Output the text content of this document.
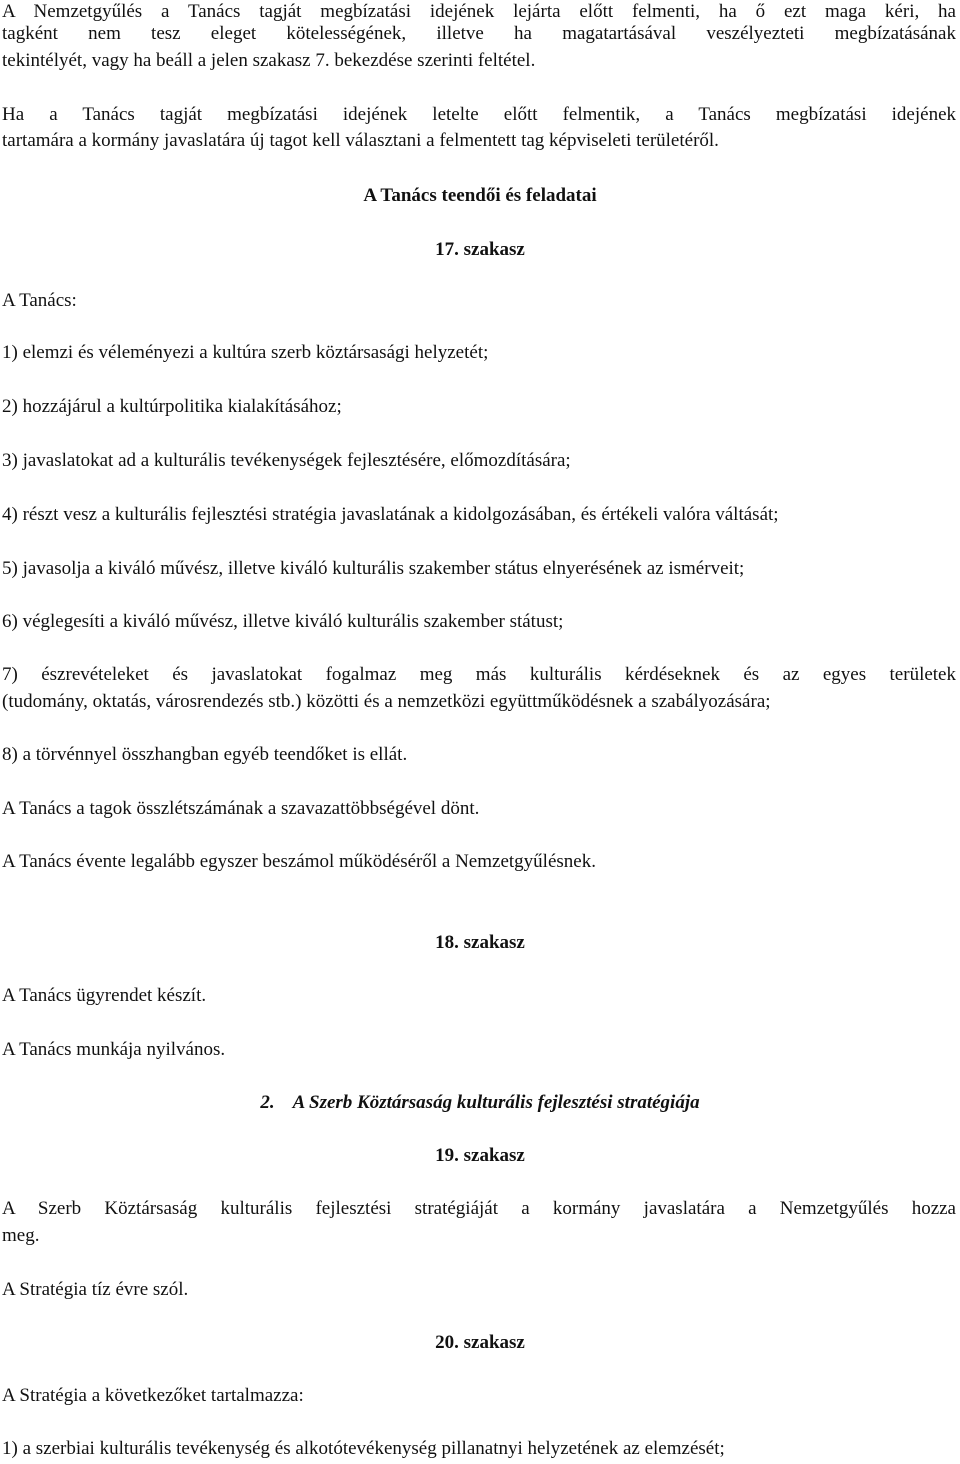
A Nemzetgyűlés a Tanács tagját megbízatási idejének lejárta előtt felmenti, ha ő ezt maga kéri, ha
tagként nem tesz eleget kötelességének, illetve ha magatartásával veszélyezteti megbízatásának
tekintélyét, vagy ha beáll a jelen szakasz 7. bekezdése szerinti feltétel.
Ha a Tanács tagját megbízatási idejének letelte előtt felmentik, a Tanács megbízatási idejének
tartamára a kormány javaslatára új tagot kell választani a felmentett tag képviseleti területéről.
A Tanács teendői és feladatai
17. szakasz
A Tanács:
1) elemzi és véleményezi a kultúra szerb köztársasági helyzetét;
2) hozzájárul a kultúrpolitika kialakításához;
3) javaslatokat ad a kulturális tevékenységek fejlesztésére, előmozdítására;
4) részt vesz a kulturális fejlesztési stratégia javaslatának a kidolgozásában, és értékeli valóra váltását;
5) javasolja a kiváló művész, illetve kiváló kulturális szakember státus elnyerésének az ismérveit;
6) véglegesíti a kiváló művész, illetve kiváló kulturális szakember státust;
7) észrevételeket és javaslatokat fogalmaz meg más kulturális kérdéseknek és az egyes területek
(tudomány, oktatás, városrendezés stb.) közötti és a nemzetközi együttműködésnek a szabályozására;
8) a törvénnyel összhangban egyéb teendőket is ellát.
A Tanács a tagok összlétszámának a szavazattöbbségével dönt.
A Tanács évente legalább egyszer beszámol működéséről a Nemzetgyűlésnek.
18. szakasz
A Tanács ügyrendet készít.
A Tanács munkája nyilvános.
2. A Szerb Köztársaság kulturális fejlesztési stratégiája
19. szakasz
A Szerb Köztársaság kulturális fejlesztési stratégiáját a kormány javaslatára a Nemzetgyűlés hozza
meg.
A Stratégia tíz évre szól.
20. szakasz
A Stratégia a következőket tartalmazza:
1) a szerbiai kulturális tevékenység és alkotótevékenység pillanatnyi helyzetének az elemzését;
